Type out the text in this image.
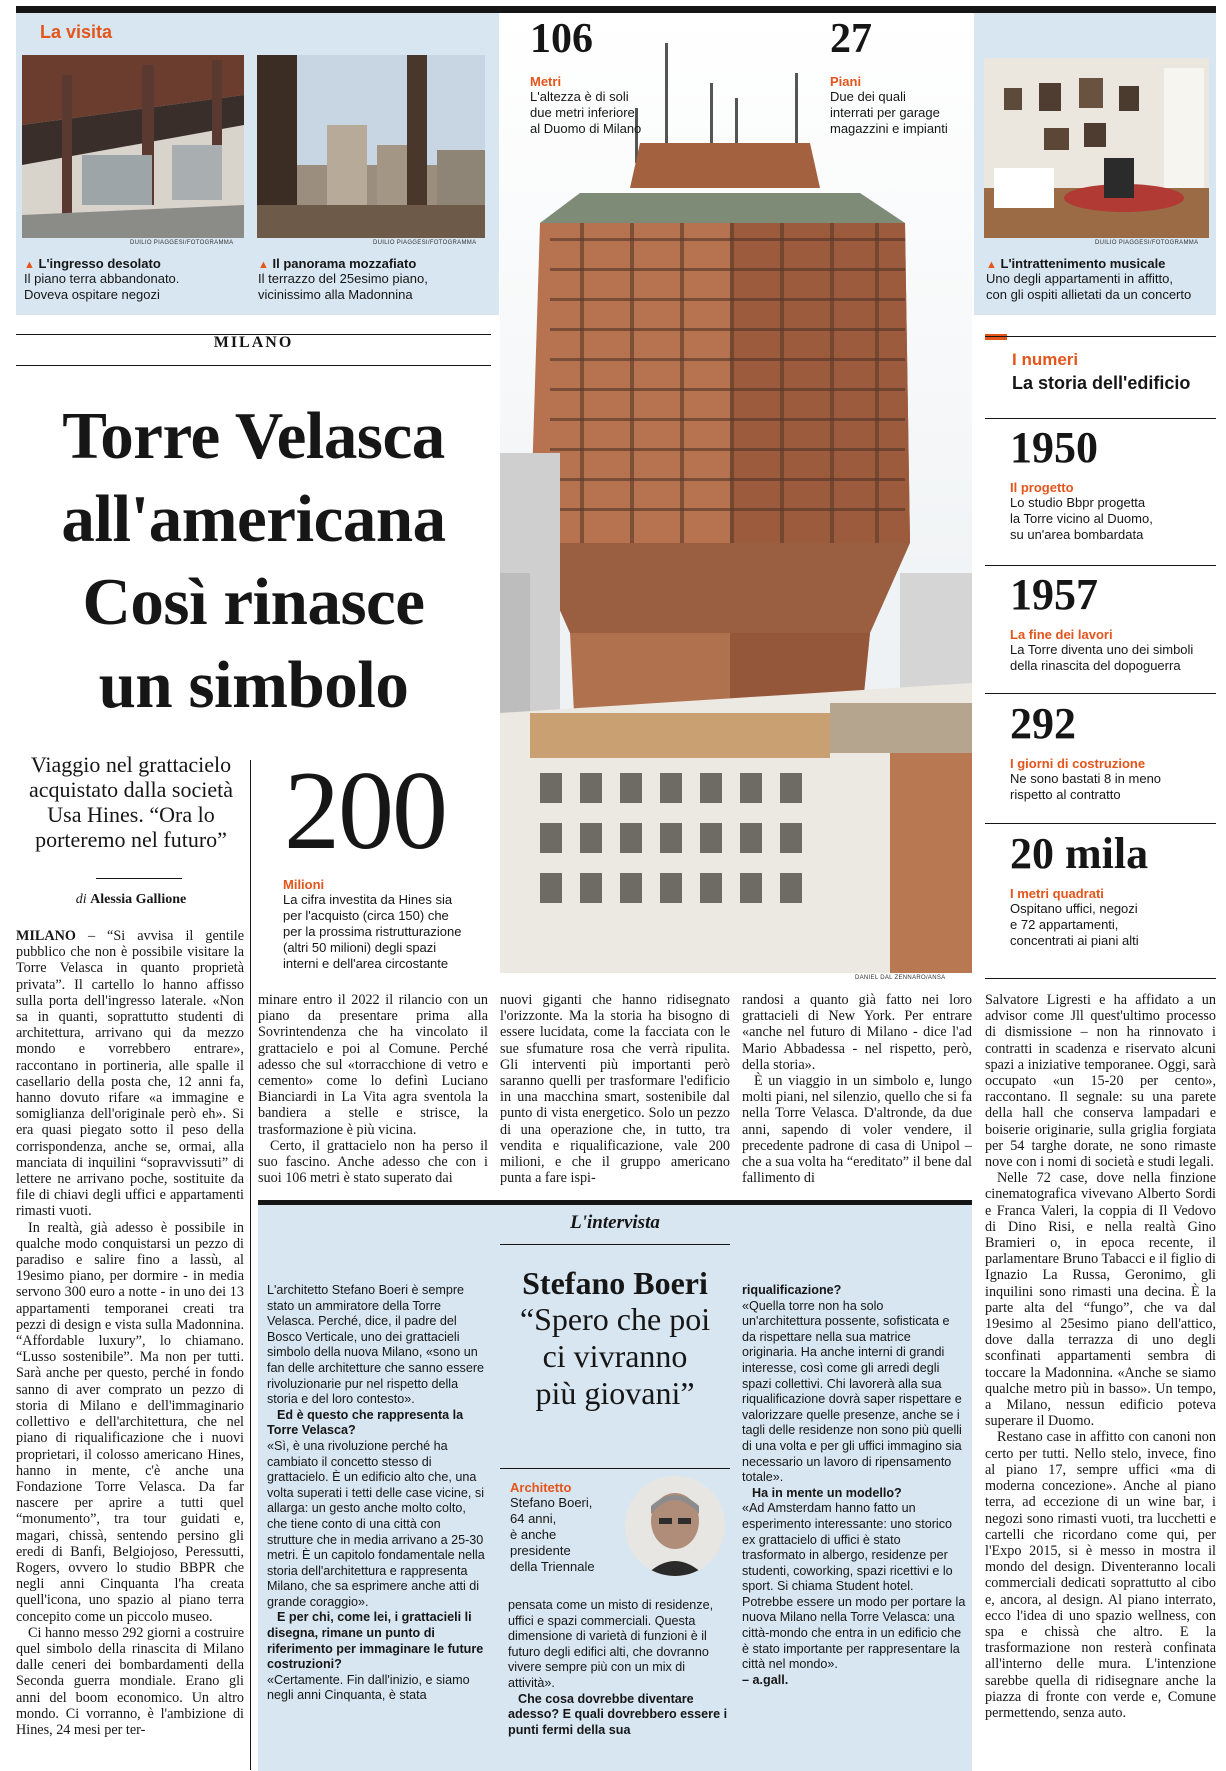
La visita
DUILIO PIAGGESI/FOTOGRAMMA	DUILIO PIAGGESI/FOTOGRAMMA	DUILIO PIAGGESI/FOTOGRAMMA
▲ L'ingresso desolato
Il piano terra abbandonato.
Doveva ospitare negozi
▲ Il panorama mozzafiato
Il terrazzo del 25esimo piano,
vicinissimo alla Madonnina
▲ L'intrattenimento musicale
Uno degli appartamenti in affitto,
con gli ospiti allietati da un concerto
DANIEL DAL ZENNARO/ANSA
106
Metri
L'altezza è di soli
due metri inferiore
al Duomo di Milano
27
Piani
Due dei quali
interrati per garage
magazzini e impianti
MILANO
Torre Velasca
all'americana
Così rinasce
un simbolo
Viaggio nel grattacielo
acquistato dalla società
Usa Hines. “Ora lo
porteremo nel futuro”
di Alessia Gallione
200
Milioni
La cifra investita da Hines sia
per l'acquisto (circa 150) che
per la prossima ristrutturazione
(altri 50 milioni) degli spazi
interni e dell'area circostante
I numeri
La storia dell'edificio
1950
Il progetto
Lo studio Bbpr progetta
la Torre vicino al Duomo,
su un'area bombardata
1957
La fine dei lavori
La Torre diventa uno dei simboli
della rinascita del dopoguerra
292
I giorni di costruzione
Ne sono bastati 8 in meno
rispetto al contratto
20 mila
I metri quadrati
Ospitano uffici, negozi
e 72 appartamenti,
concentrati ai piani alti

MILANO – “Si avvisa il gentile pubblico che non è possibile visitare la Torre Velasca in quanto proprietà privata”. Il cartello lo hanno affisso sulla porta dell'ingresso laterale. «Non sa in quanti, soprattutto studenti di architettura, arrivano qui da mezzo mondo e vorrebbero entrare», raccontano in portineria, alle spalle il casellario della posta che, 12 anni fa, hanno dovuto rifare «a immagine e somiglianza dell'originale però eh». Si era quasi piegato sotto il peso della corrispondenza, anche se, ormai, alla manciata di inquilini “sopravvissuti” di lettere ne arrivano poche, sostituite da file di chiavi degli uffici e appartamenti rimasti vuoti.

In realtà, già adesso è possibile in qualche modo conquistarsi un pezzo di paradiso e salire fino a lassù, al 19esimo piano, per dormire - in media servono 300 euro a notte - in uno dei 13 appartamenti temporanei creati tra pezzi di design e vista sulla Madonnina. “Affordable luxury”, lo chiamano. “Lusso sostenibile”. Ma non per tutti. Sarà anche per questo, perché in fondo sanno di aver comprato un pezzo di storia di Milano e dell'immaginario collettivo e dell'architettura, che nel piano di riqualificazione che i nuovi proprietari, il colosso americano Hines, hanno in mente, c'è anche una Fondazione Torre Velasca. Da far nascere per aprire a tutti quel “monumento”, tra tour guidati e, magari, chissà, sentendo persino gli eredi di Banfi, Belgiojoso, Peressutti, Rogers, ovvero lo studio BBPR che negli anni Cinquanta l'ha creata quell'icona, uno spazio al piano terra concepito come un piccolo museo.

Ci hanno messo 292 giorni a costruire quel simbolo della rinascita di Milano dalle ceneri dei bombardamenti della Seconda guerra mondiale. Erano gli anni del boom economico. Un altro mondo. Ci vorranno, è l'ambizione di Hines, 24 mesi per ter-

minare entro il 2022 il rilancio con un piano da presentare prima alla Sovrintendenza che ha vincolato il grattacielo e poi al Comune. Perché adesso che sul «torracchione di vetro e cemento» come lo definì Luciano Bianciardi in La Vita agra sventola la bandiera a stelle e strisce, la trasformazione è più vicina.

Certo, il grattacielo non ha perso il suo fascino. Anche adesso che con i suoi 106 metri è stato superato dai

nuovi giganti che hanno ridisegnato l'orizzonte. Ma la storia ha bisogno di essere lucidata, come la facciata con le sue sfumature rosa che verrà ripulita. Gli interventi più importanti però saranno quelli per trasformare l'edificio in una macchina smart, sostenibile dal punto di vista energetico. Solo un pezzo di una operazione che, in tutto, tra vendita e riqualificazione, vale 200 milioni, e che il gruppo americano punta a fare ispi-

randosi a quanto già fatto nei loro grattacieli di New York. Per entrare «anche nel futuro di Milano - dice l'ad Mario Abbadessa - nel rispetto, però, della storia».

È un viaggio in un simbolo e, lungo molti piani, nel silenzio, quello che si fa nella Torre Velasca. D'altronde, da due anni, sapendo di voler vendere, il precedente padrone di casa di Unipol – che a sua volta ha “ereditato” il bene dal fallimento di

Salvatore Ligresti e ha affidato a un advisor come Jll quest'ultimo processo di dismissione – non ha rinnovato i contratti in scadenza e riservato alcuni spazi a iniziative temporanee. Oggi, sarà occupato «un 15-20 per cento», raccontano. Il segnale: su una parete della hall che conserva lampadari e boiserie originarie, sulla griglia forgiata per 54 targhe dorate, ne sono rimaste nove con i nomi di società e studi legali.

Nelle 72 case, dove nella finzione cinematografica vivevano Alberto Sordi e Franca Valeri, la coppia di Il Vedovo di Dino Risi, e nella realtà Gino Bramieri o, in epoca recente, il parlamentare Bruno Tabacci e il figlio di Ignazio La Russa, Geronimo, gli inquilini sono rimasti una decina. È la parte alta del “fungo”, che va dal 19esimo al 25esimo piano dell'attico, dove dalla terrazza di uno degli sconfinati appartamenti sembra di toccare la Madonnina. «Anche se siamo qualche metro più in basso». Un tempo, a Milano, nessun edificio poteva superare il Duomo.

Restano case in affitto con canoni non certo per tutti. Nello stelo, invece, fino al piano 17, sempre uffici «ma di moderna concezione». Anche al piano terra, ad eccezione di un wine bar, i negozi sono rimasti vuoti, tra lucchetti e cartelli che ricordano come qui, per l'Expo 2015, si è messo in mostra il mondo del design. Diventeranno locali commerciali dedicati soprattutto al cibo e, ancora, al design. Al piano interrato, ecco l'idea di uno spazio wellness, con spa e chissà che altro. E la trasformazione non resterà confinata all'interno delle mura. L'intenzione sarebbe quella di ridisegnare anche la piazza di fronte con verde e, Comune permettendo, senza auto.

L'intervista
Stefano Boeri
“Spero che poi
ci vivranno
più giovani”
Architetto
Stefano Boeri,
64 anni,
è anche
presidente
della Triennale

L'architetto Stefano Boeri è sempre stato un ammiratore della Torre Velasca. Perché, dice, il padre del Bosco Verticale, uno dei grattacieli simbolo della nuova Milano, «sono un fan delle architetture che sanno essere rivoluzionarie pur nel rispetto della storia e del loro contesto».

Ed è questo che rappresenta la Torre Velasca?

«Sì, è una rivoluzione perché ha cambiato il concetto stesso di grattacielo. È un edificio alto che, una volta superati i tetti delle case vicine, si allarga: un gesto anche molto colto, che tiene conto di una città con strutture che in media arrivano a 25-30 metri. È un capitolo fondamentale nella storia dell'architettura e rappresenta Milano, che sa esprimere anche atti di grande coraggio».

E per chi, come lei, i grattacieli li disegna, rimane un punto di riferimento per immaginare le future costruzioni?

«Certamente. Fin dall'inizio, e siamo negli anni Cinquanta, è stata

pensata come un misto di residenze, uffici e spazi commerciali. Questa dimensione di varietà di funzioni è il futuro degli edifici alti, che dovranno vivere sempre più con un mix di attività».

Che cosa dovrebbe diventare adesso? E quali dovrebbero essere i punti fermi della sua

riqualificazione?

«Quella torre non ha solo un'architettura possente, sofisticata e da rispettare nella sua matrice originaria. Ha anche interni di grandi interesse, così come gli arredi degli spazi collettivi. Chi lavorerà alla sua riqualificazione dovrà saper rispettare e valorizzare quelle presenze, anche se i tagli delle residenze non sono più quelli di una volta e per gli uffici immagino sia necessario un lavoro di ripensamento totale».

Ha in mente un modello?

«Ad Amsterdam hanno fatto un esperimento interessante: uno storico ex grattacielo di uffici è stato trasformato in albergo, residenze per studenti, coworking, spazi ricettivi e lo sport. Si chiama Student hotel. Potrebbe essere un modo per portare la nuova Milano nella Torre Velasca: una città-mondo che entra in un edificio che è stato importante per rappresentare la città nel mondo».

– a.gall.
